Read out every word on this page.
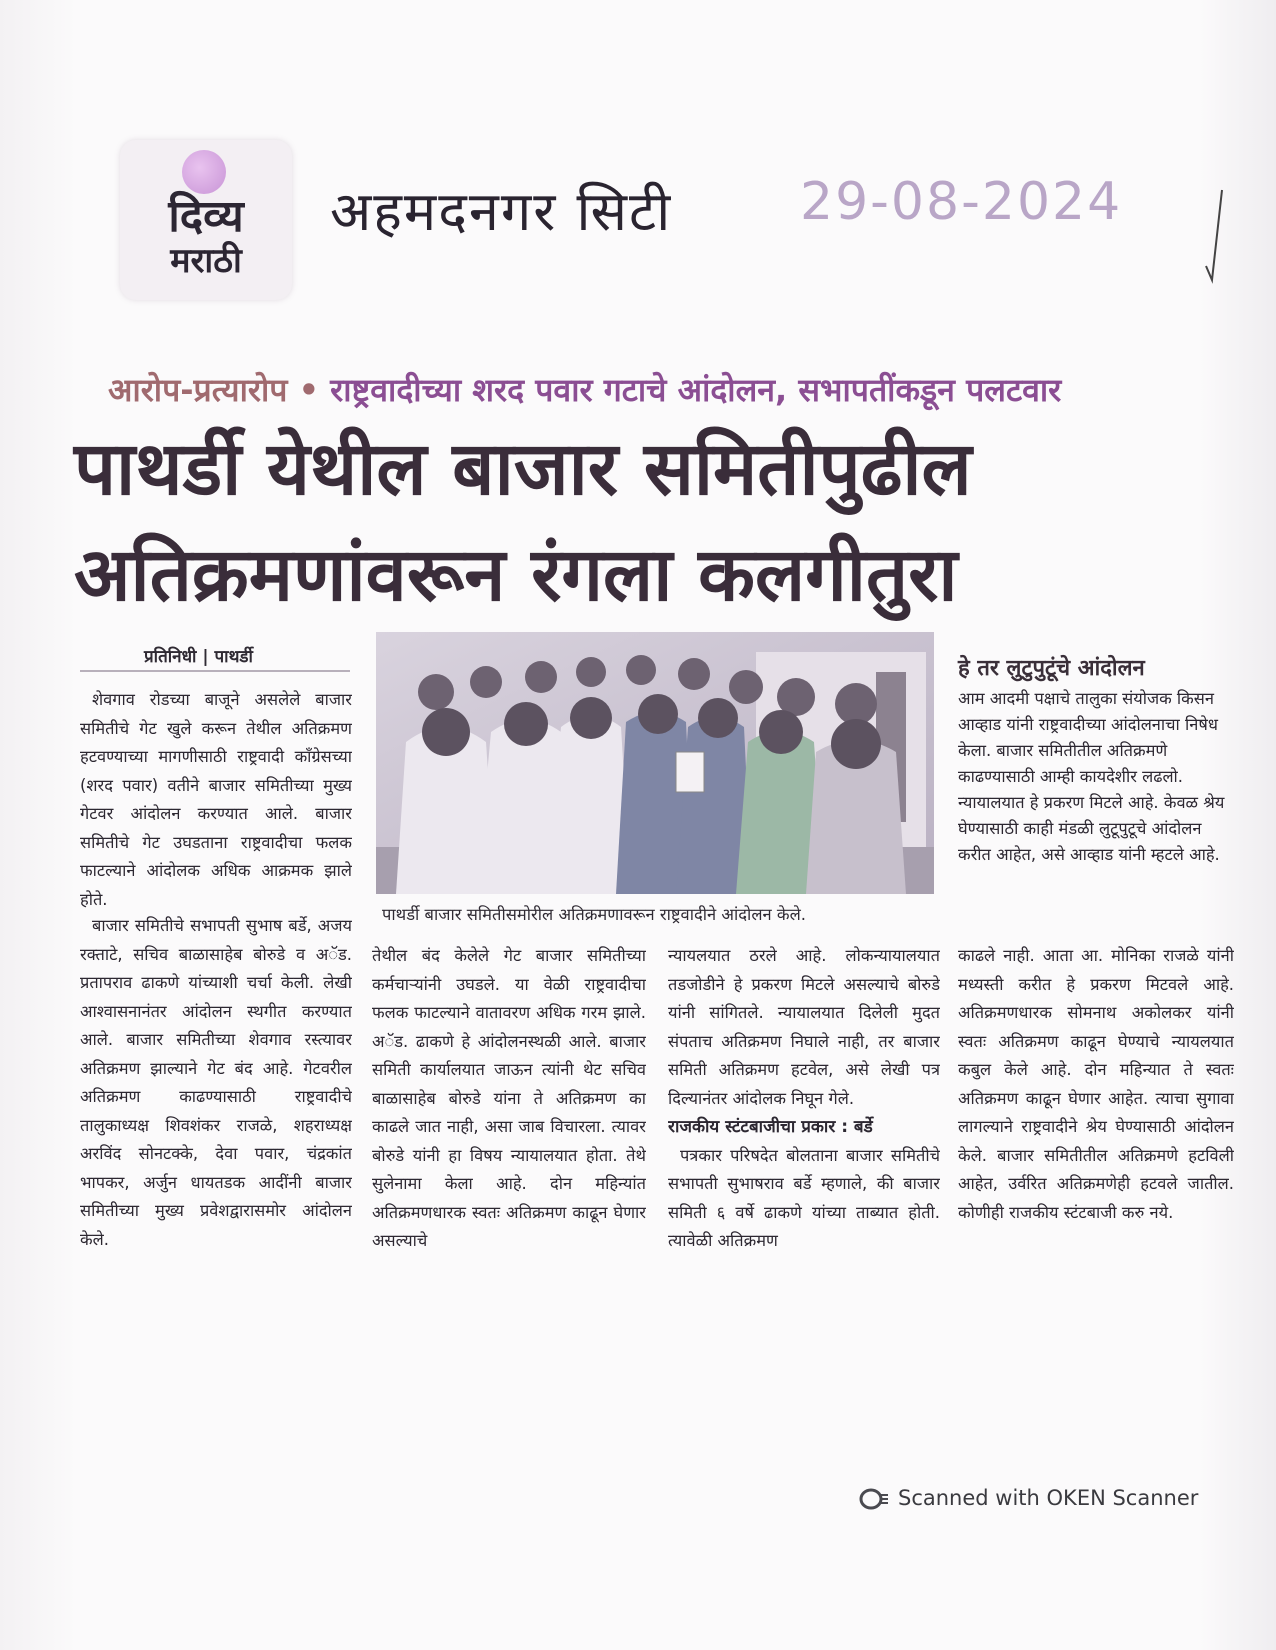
दिव्य
मराठी
अहमदनगर सिटी 29-08-2024
आरोप-प्रत्यारोप • राष्ट्रवादीच्या शरद पवार गटाचे आंदोलन, सभापतींकडून पलटवार
पाथर्डी येथील बाजार समितीपुढील
अतिक्रमणांवरून रंगला कलगीतुरा
प्रतिनिधी | पाथर्डी

शेवगाव रोडच्या बाजूने असलेले बाजार समितीचे गेट खुले करून तेथील अतिक्रमण हटवण्याच्या मागणीसाठी राष्ट्रवादी काँग्रेसच्या (शरद पवार) वतीने बाजार समितीच्या मुख्य गेटवर आंदोलन करण्यात आले. बाजार समितीचे गेट उघडताना राष्ट्रवादीचा फलक फाटल्याने आंदोलक अधिक आक्रमक झाले होते.

बाजार समितीचे सभापती सुभाष बर्डे, अजय रक्ताटे, सचिव बाळासाहेब बोरुडे व अॅड. प्रतापराव ढाकणे यांच्याशी चर्चा केली. लेखी आश्वासनानंतर आंदोलन स्थगीत करण्यात आले. बाजार समितीच्या शेवगाव रस्त्यावर अतिक्रमण झाल्याने गेट बंद आहे. गेटवरील अतिक्रमण काढण्यासाठी राष्ट्रवादीचे तालुकाध्यक्ष शिवशंकर राजळे, शहराध्यक्ष अरविंद सोनटक्के, देवा पवार, चंद्रकांत भापकर, अर्जुन धायतडक आदींनी बाजार समितीच्या मुख्य प्रवेशद्वारासमोर आंदोलन केले.

पाथर्डी बाजार समितीसमोरील अतिक्रमणावरून राष्ट्रवादीने आंदोलन केले.
हे तर लुटुपुटूंचे आंदोलन
आम आदमी पक्षाचे तालुका संयोजक किसन आव्हाड यांनी राष्ट्रवादीच्या आंदोलनाचा निषेध केला. बाजार समितीतील अतिक्रमणे काढण्यासाठी आम्ही कायदेशीर लढलो. न्यायालयात हे प्रकरण मिटले आहे. केवळ श्रेय घेण्यासाठी काही मंडळी लुटूपुटूचे आंदोलन करीत आहेत, असे आव्हाड यांनी म्हटले आहे.

तेथील बंद केलेले गेट बाजार समितीच्या कर्मचाऱ्यांनी उघडले. या वेळी राष्ट्रवादीचा फलक फाटल्याने वातावरण अधिक गरम झाले. अॅड. ढाकणे हे आंदोलनस्थळी आले. बाजार समिती कार्यालयात जाऊन त्यांनी थेट सचिव बाळासाहेब बोरुडे यांना ते अतिक्रमण का काढले जात नाही, असा जाब विचारला. त्यावर बोरुडे यांनी हा विषय न्यायालयात होता. तेथे सुलेनामा केला आहे. दोन महिन्यांत अतिक्रमणधारक स्वतः अतिक्रमण काढून घेणार असल्याचे

न्यायलयात ठरले आहे. लोकन्यायालयात तडजोडीने हे प्रकरण मिटले असल्याचे बोरुडे यांनी सांगितले. न्यायालयात दिलेली मुदत संपताच अतिक्रमण निघाले नाही, तर बाजार समिती अतिक्रमण हटवेल, असे लेखी पत्र दिल्यानंतर आंदोलक निघून गेले.

राजकीय स्टंटबाजीचा प्रकार : बर्डे

पत्रकार परिषदेत बोलताना बाजार समितीचे सभापती सुभाषराव बर्डे म्हणाले, की बाजार समिती ६ वर्षे ढाकणे यांच्या ताब्यात होती. त्यावेळी अतिक्रमण

काढले नाही. आता आ. मोनिका राजळे यांनी मध्यस्ती करीत हे प्रकरण मिटवले आहे. अतिक्रमणधारक सोमनाथ अकोलकर यांनी स्वतः अतिक्रमण काढून घेण्याचे न्यायलयात कबुल केले आहे. दोन महिन्यात ते स्वतः अतिक्रमण काढून घेणार आहेत. त्याचा सुगावा लागल्याने राष्ट्रवादीने श्रेय घेण्यासाठी आंदोलन केले. बाजार समितीतील अतिक्रमणे हटविली आहेत, उर्वरित अतिक्रमणेही हटवले जातील. कोणीही राजकीय स्टंटबाजी करु नये.

Scanned with OKEN Scanner
